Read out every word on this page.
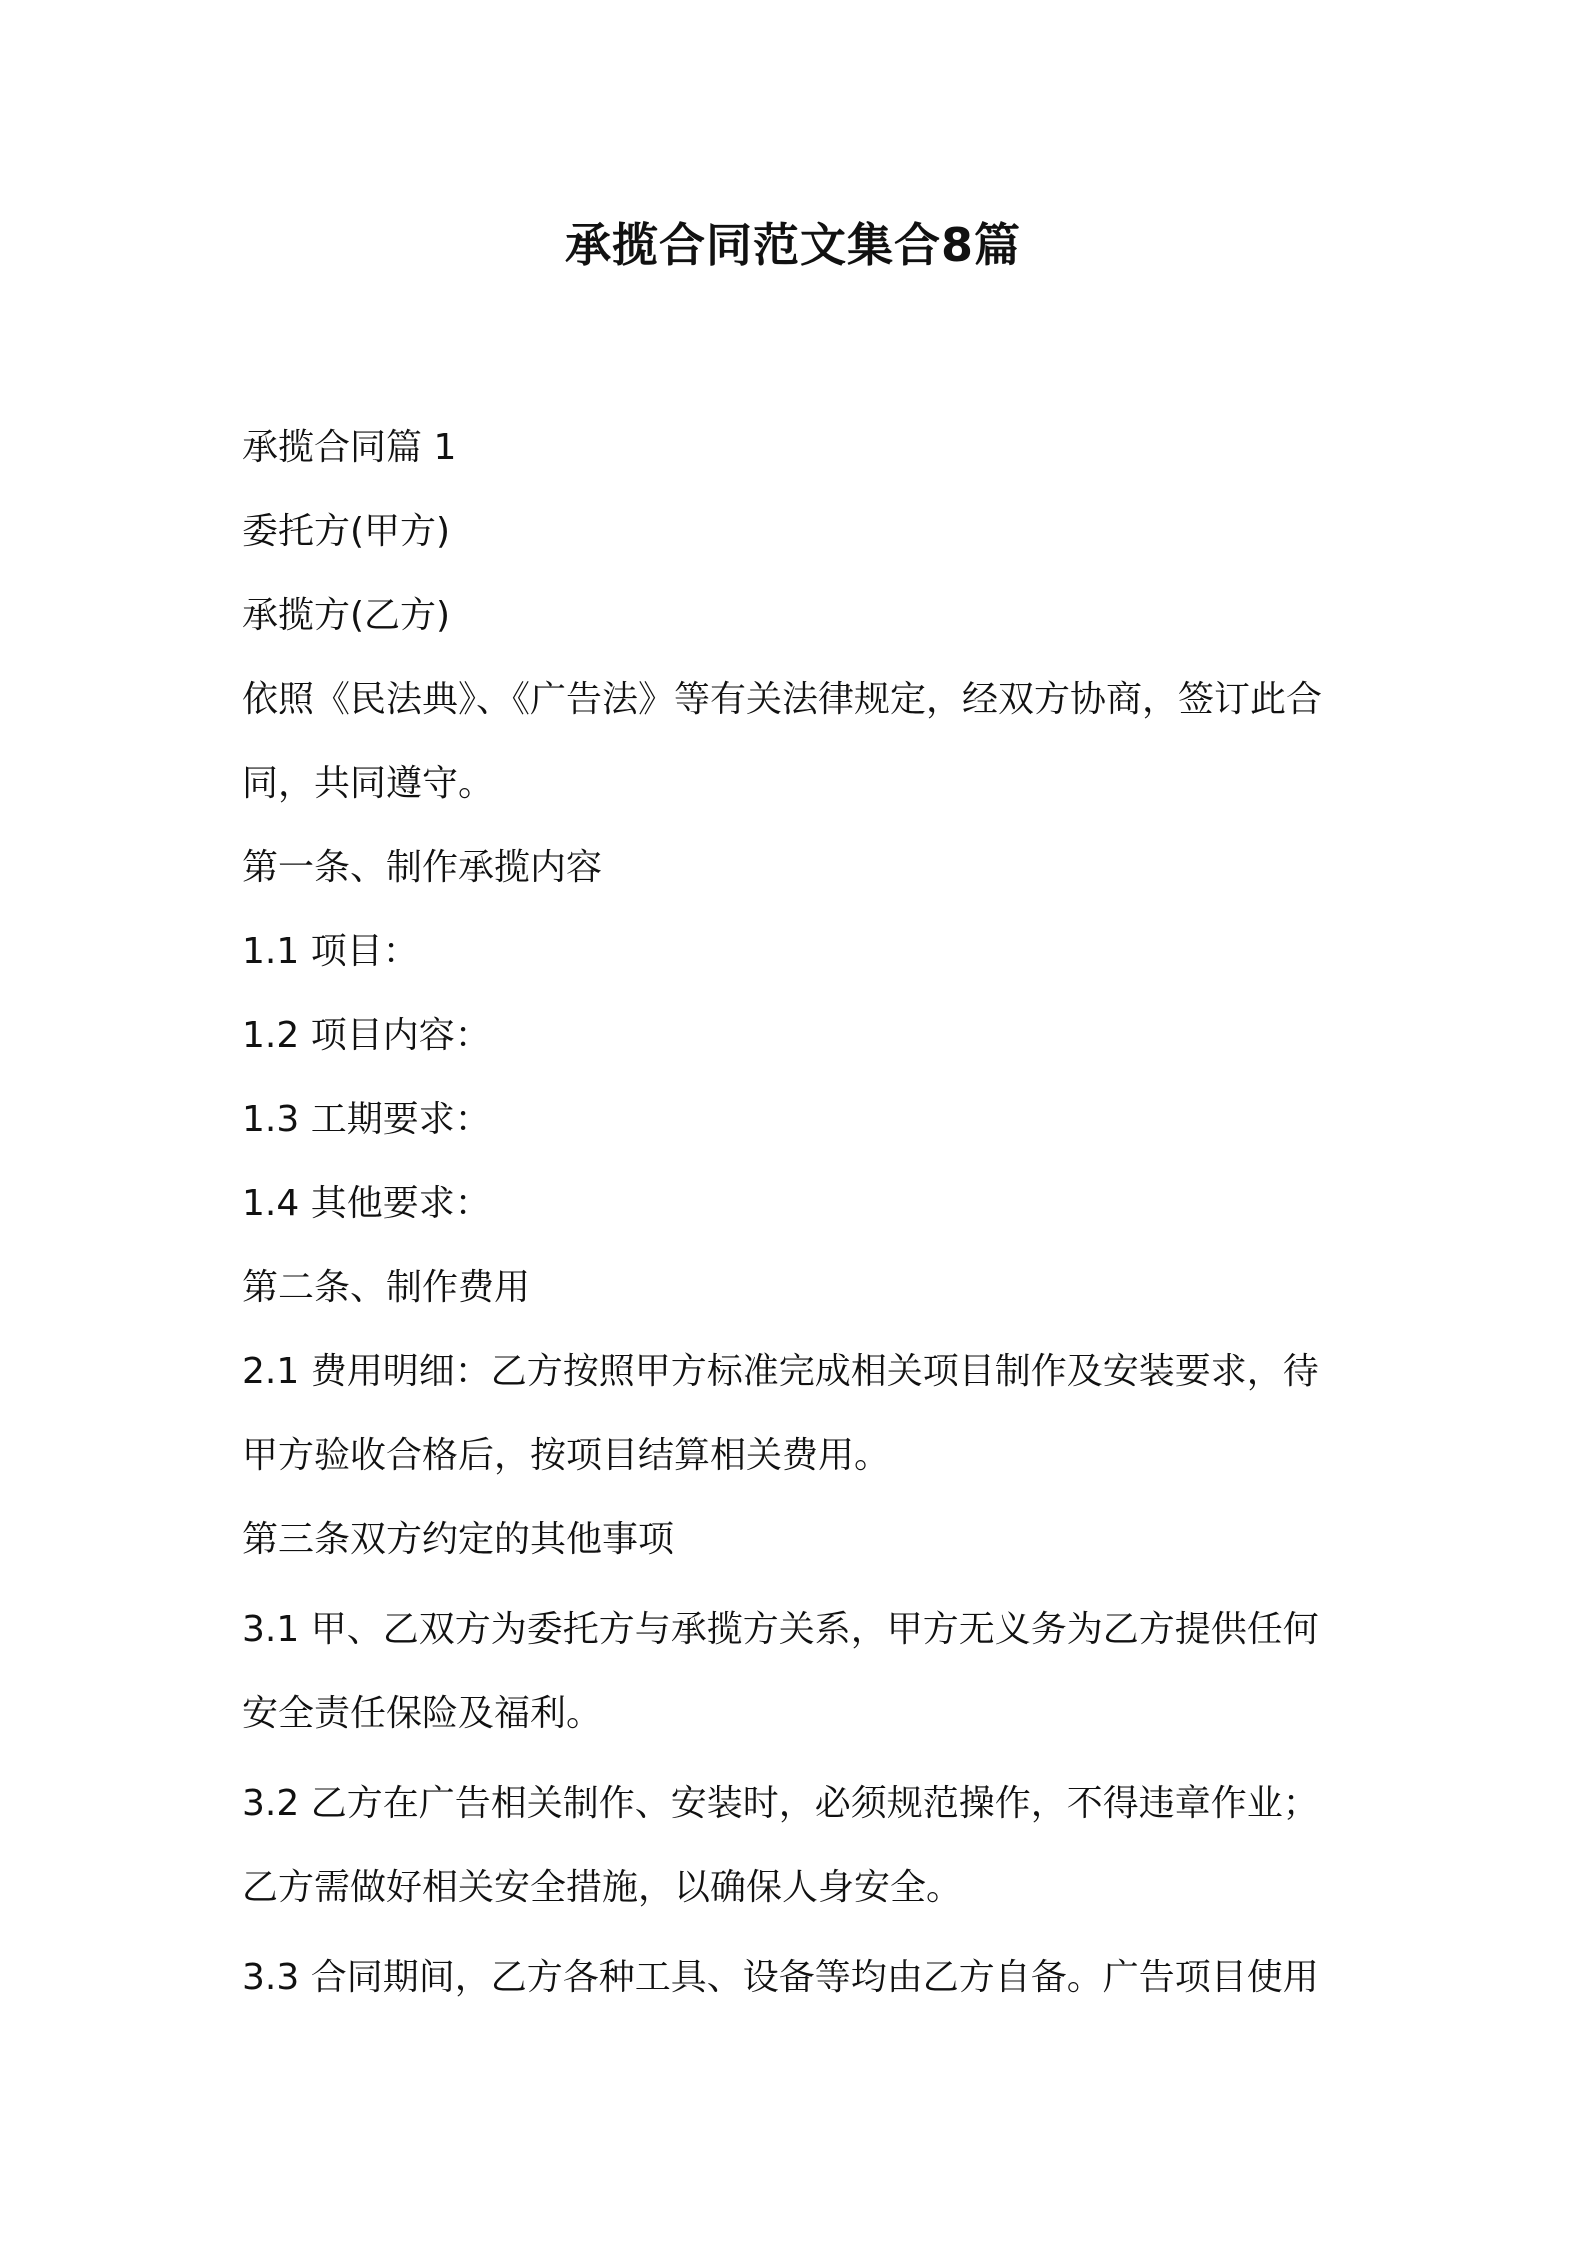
承揽合同范文集合8篇

承揽合同篇 1

委托方(甲方)

承揽方(乙方)

依照《民法典》、《广告法》等有关法律规定，经双方协商，签订此合

同，共同遵守。

第一条、制作承揽内容

1.1 项目：

1.2 项目内容：

1.3 工期要求：

1.4 其他要求：

第二条、制作费用

2.1 费用明细：乙方按照甲方标准完成相关项目制作及安装要求，待

甲方验收合格后，按项目结算相关费用。

第三条双方约定的其他事项

3.1 甲、乙双方为委托方与承揽方关系，甲方无义务为乙方提供任何

安全责任保险及福利。

3.2 乙方在广告相关制作、安装时，必须规范操作，不得违章作业；

乙方需做好相关安全措施，以确保人身安全。

3.3 合同期间，乙方各种工具、设备等均由乙方自备。广告项目使用
